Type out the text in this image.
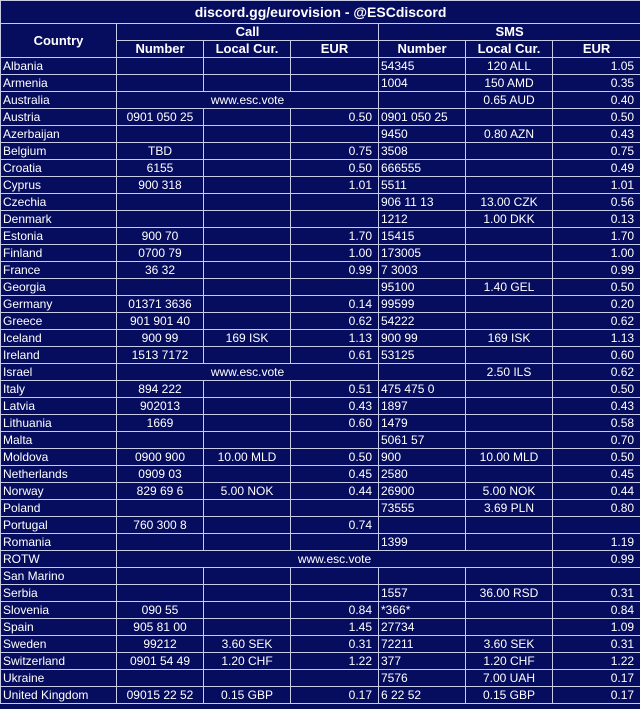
discord.gg/eurovision - @ESCdiscord						
Country	Call			SMS		
	Number	Local Cur.	EUR	Number	Local Cur.	EUR
Albania				54345	120 ALL	1.05
Armenia				1004	150 AMD	0.35
Australia	www.esc.vote				0.65 AUD	0.40
Austria	0901 050 25		0.50	0901 050 25		0.50
Azerbaijan				9450	0.80 AZN	0.43
Belgium	TBD		0.75	3508		0.75
Croatia	6155		0.50	666555		0.49
Cyprus	900 318		1.01	5511		1.01
Czechia				906 11 13	13.00 CZK	0.56
Denmark				1212	1.00 DKK	0.13
Estonia	900 70		1.70	15415		1.70
Finland	0700 79		1.00	173005		1.00
France	36 32		0.99	7 3003		0.99
Georgia				95100	1.40 GEL	0.50
Germany	01371 3636		0.14	99599		0.20
Greece	901 901 40		0.62	54222		0.62
Iceland	900 99	169 ISK	1.13	900 99	169 ISK	1.13
Ireland	1513 7172		0.61	53125		0.60
Israel	www.esc.vote				2.50 ILS	0.62
Italy	894 222		0.51	475 475 0		0.50
Latvia	902013		0.43	1897		0.43
Lithuania	1669		0.60	1479		0.58
Malta				5061 57		0.70
Moldova	0900 900	10.00 MLD	0.50	900	10.00 MLD	0.50
Netherlands	0909 03		0.45	2580		0.45
Norway	829 69 6	5.00 NOK	0.44	26900	5.00 NOK	0.44
Poland				73555	3.69 PLN	0.80
Portugal	760 300 8		0.74			
Romania				1399		1.19
ROTW	www.esc.vote					0.99
San Marino						
Serbia				1557	36.00 RSD	0.31
Slovenia	090 55		0.84	*366*		0.84
Spain	905 81 00		1.45	27734		1.09
Sweden	99212	3.60 SEK	0.31	72211	3.60 SEK	0.31
Switzerland	0901 54 49	1.20 CHF	1.22	377	1.20 CHF	1.22
Ukraine				7576	7.00 UAH	0.17
United Kingdom	09015 22 52	0.15 GBP	0.17	6 22 52	0.15 GBP	0.17
